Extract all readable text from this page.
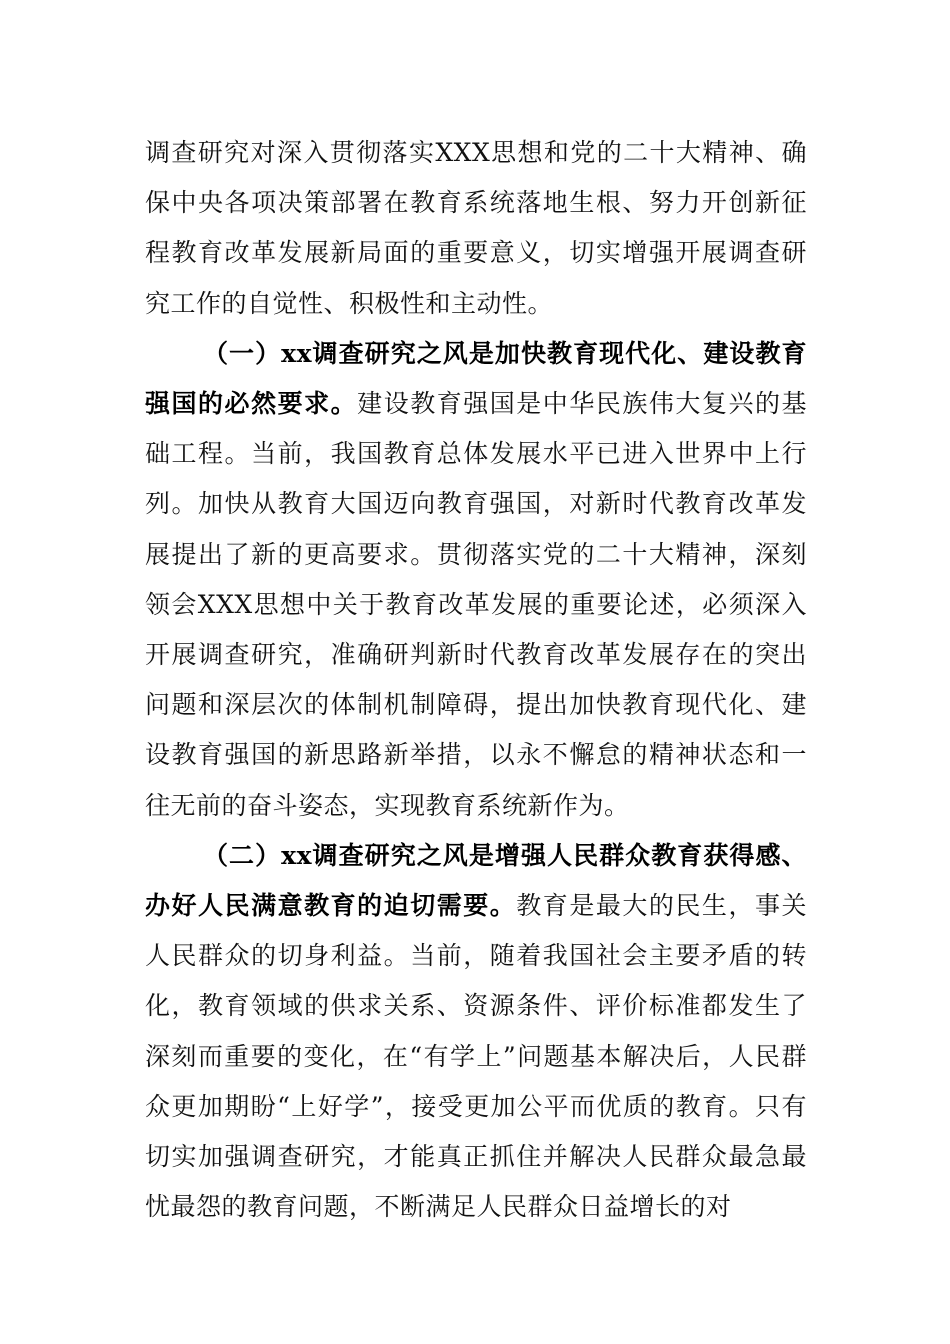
调查研究对深入贯彻落实XXX思想和党的二十大精神、确保中央各项决策部署在教育系统落地生根、努力开创新征程教育改革发展新局面的重要意义，切实增强开展调查研究工作的自觉性、积极性和主动性。

（一）xx调查研究之风是加快教育现代化、建设教育强国的必然要求。建设教育强国是中华民族伟大复兴的基础工程。当前，我国教育总体发展水平已进入世界中上行列。加快从教育大国迈向教育强国，对新时代教育改革发展提出了新的更高要求。贯彻落实党的二十大精神，深刻领会XXX思想中关于教育改革发展的重要论述，必须深入开展调查研究，准确研判新时代教育改革发展存在的突出问题和深层次的体制机制障碍，提出加快教育现代化、建设教育强国的新思路新举措，以永不懈怠的精神状态和一往无前的奋斗姿态，实现教育系统新作为。

（二）xx调查研究之风是增强人民群众教育获得感、办好人民满意教育的迫切需要。教育是最大的民生，事关人民群众的切身利益。当前，随着我国社会主要矛盾的转化，教育领域的供求关系、资源条件、评价标准都发生了深刻而重要的变化，在“有学上”问题基本解决后，人民群众更加期盼“上好学”，接受更加公平而优质的教育。只有切实加强调查研究，才能真正抓住并解决人民群众最急最忧最怨的教育问题，不断满足人民群众日益增长的对
